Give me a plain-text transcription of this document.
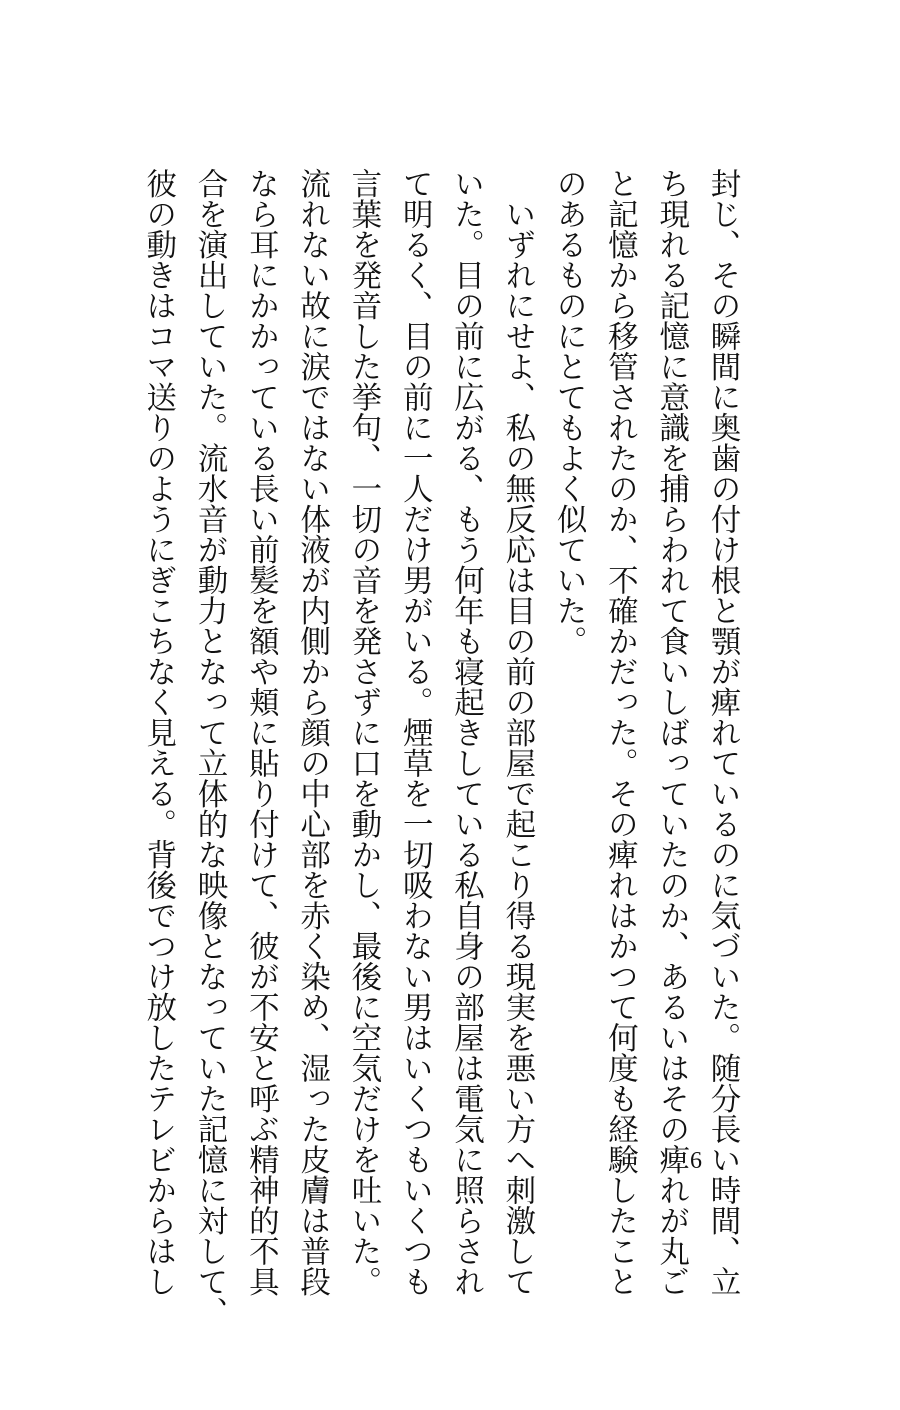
封じ、その瞬間に奥歯の付け根と顎が痺れているのに気づいた。随分長い時間、立

ち現れる記憶に意識を捕らわれて食いしばっていたのか、あるいはその痺れが丸ご

と記憶から移管されたのか、不確かだった。その痺れはかつて何度も経験したこと

のあるものにとてもよく似ていた。

　いずれにせよ、私の無反応は目の前の部屋で起こり得る現実を悪い方へ刺激して

いた。目の前に広がる、もう何年も寝起きしている私自身の部屋は電気に照らされ

て明るく、目の前に一人だけ男がいる。煙草を一切吸わない男はいくつもいくつも

言葉を発音した挙句、一切の音を発さずに口を動かし、最後に空気だけを吐いた。

流れない故に涙ではない体液が内側から顔の中心部を赤く染め、湿った皮膚は普段

なら耳にかかっている長い前髪を額や頬に貼り付けて、彼が不安と呼ぶ精神的不具

合を演出していた。流水音が動力となって立体的な映像となっていた記憶に対して、

彼の動きはコマ送りのようにぎこちなく見える。背後でつけ放したテレビからはし	6
